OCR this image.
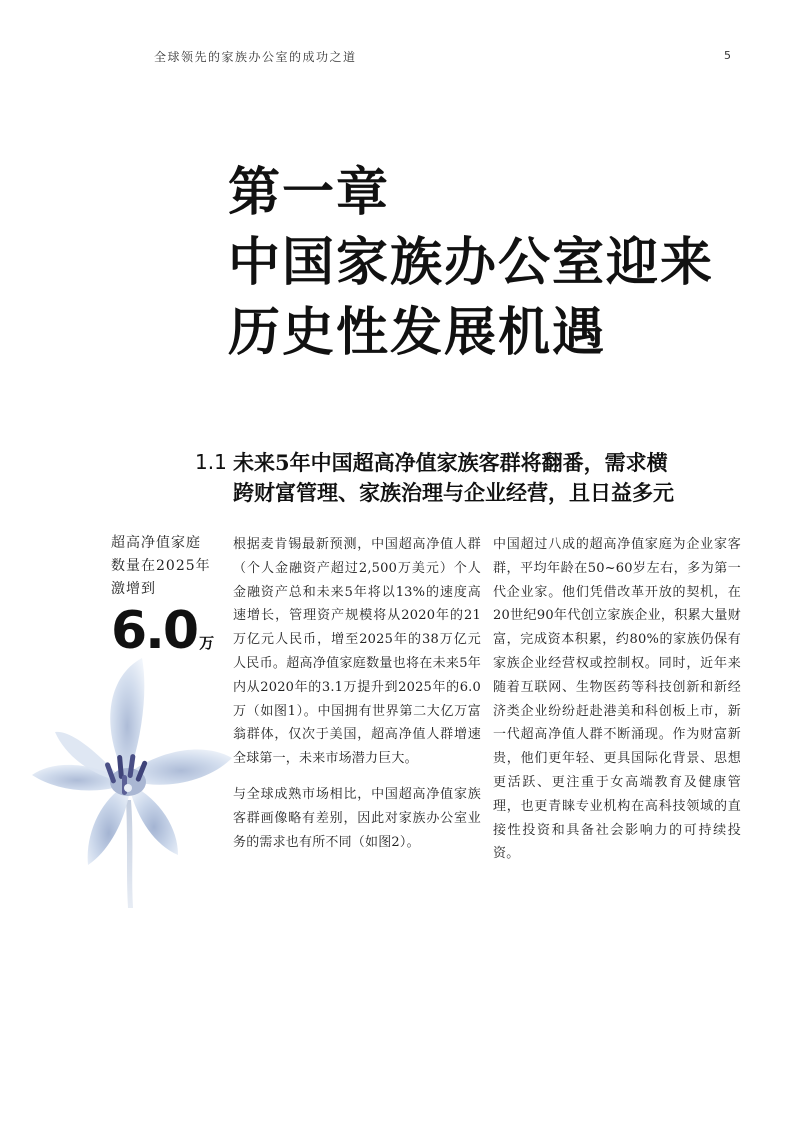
全球领先的家族办公室的成功之道	5
第一章
中国家族办公室迎来
历史性发展机遇
1.1 未来5年中国超高净值家族客群将翻番，需求横
跨财富管理、家族治理与企业经营，且日益多元
超高净值家庭
数量在2025年
激增到
6.0 万

根据麦肯锡最新预测，中国超高净值人群（个人金融资产超过2,500万美元）个人金融资产总和未来5年将以13%的速度高速增长，管理资产规模将从2020年的21万亿元人民币，增至2025年的38万亿元人民币。超高净值家庭数量也将在未来5年内从2020年的3.1万提升到2025年的6.0万（如图1）。中国拥有世界第二大亿万富翁群体，仅次于美国，超高净值人群增速全球第一，未来市场潜力巨大。

与全球成熟市场相比，中国超高净值家族客群画像略有差别，因此对家族办公室业务的需求也有所不同（如图2）。

中国超过八成的超高净值家庭为企业家客群，平均年龄在50~60岁左右，多为第一代企业家。他们凭借改革开放的契机，在20世纪90年代创立家族企业，积累大量财富，完成资本积累，约80%的家族仍保有家族企业经营权或控制权。同时，近年来随着互联网、生物医药等科技创新和新经济类企业纷纷赶赴港美和科创板上市，新一代超高净值人群不断涌现。作为财富新贵，他们更年轻、更具国际化背景、思想更活跃、更注重于女高端教育及健康管理，也更青睐专业机构在高科技领域的直接性投资和具备社会影响力的可持续投资。
